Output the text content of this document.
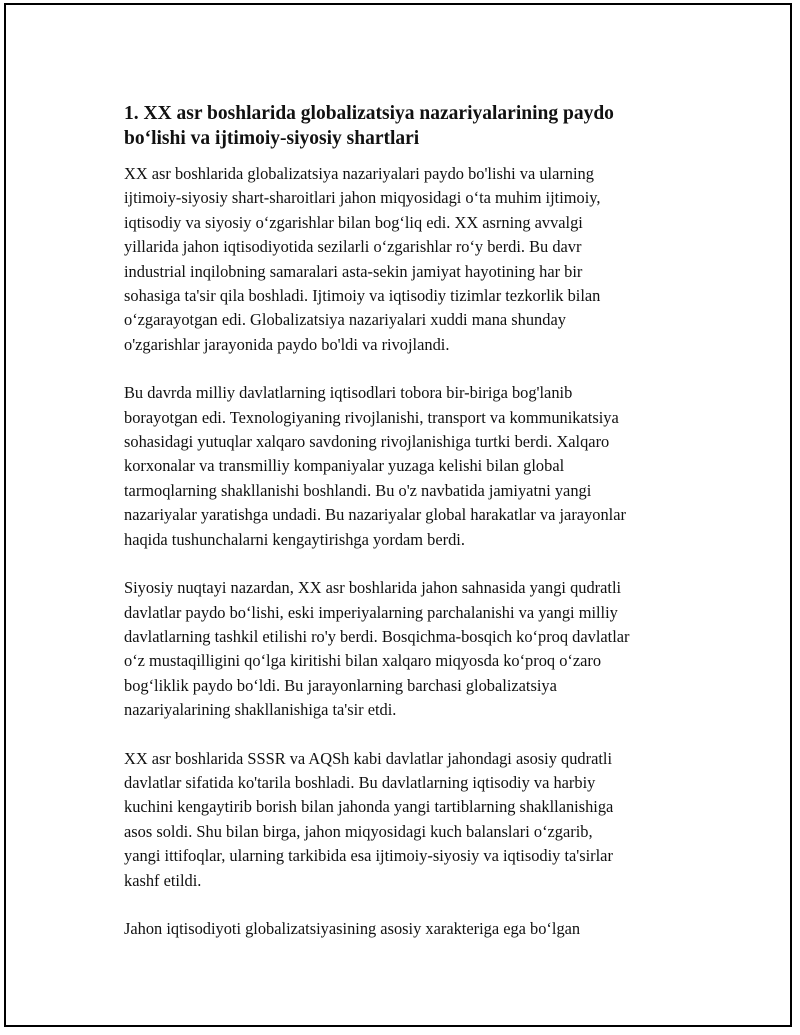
1. XX asr boshlarida globalizatsiya nazariyalarining paydo
boʻlishi va ijtimoiy-siyosiy shartlari

XX asr boshlarida globalizatsiya nazariyalari paydo bo'lishi va ularning
ijtimoiy-siyosiy shart-sharoitlari jahon miqyosidagi oʻta muhim ijtimoiy,
iqtisodiy va siyosiy oʻzgarishlar bilan bogʻliq edi. XX asrning avvalgi
yillarida jahon iqtisodiyotida sezilarli oʻzgarishlar roʻy berdi. Bu davr
industrial inqilobning samaralari asta-sekin jamiyat hayotining har bir
sohasiga ta'sir qila boshladi. Ijtimoiy va iqtisodiy tizimlar tezkorlik bilan
oʻzgarayotgan edi. Globalizatsiya nazariyalari xuddi mana shunday
o'zgarishlar jarayonida paydo bo'ldi va rivojlandi.

Bu davrda milliy davlatlarning iqtisodlari tobora bir-biriga bog'lanib
borayotgan edi. Texnologiyaning rivojlanishi, transport va kommunikatsiya
sohasidagi yutuqlar xalqaro savdoning rivojlanishiga turtki berdi. Xalqaro
korxonalar va transmilliy kompaniyalar yuzaga kelishi bilan global
tarmoqlarning shakllanishi boshlandi. Bu o'z navbatida jamiyatni yangi
nazariyalar yaratishga undadi. Bu nazariyalar global harakatlar va jarayonlar
haqida tushunchalarni kengaytirishga yordam berdi.

Siyosiy nuqtayi nazardan, XX asr boshlarida jahon sahnasida yangi qudratli
davlatlar paydo boʻlishi, eski imperiyalarning parchalanishi va yangi milliy
davlatlarning tashkil etilishi ro'y berdi. Bosqichma-bosqich koʻproq davlatlar
oʻz mustaqilligini qoʻlga kiritishi bilan xalqaro miqyosda koʻproq oʻzaro
bogʻliklik paydo boʻldi. Bu jarayonlarning barchasi globalizatsiya
nazariyalarining shakllanishiga ta'sir etdi.

XX asr boshlarida SSSR va AQSh kabi davlatlar jahondagi asosiy qudratli
davlatlar sifatida ko'tarila boshladi. Bu davlatlarning iqtisodiy va harbiy
kuchini kengaytirib borish bilan jahonda yangi tartiblarning shakllanishiga
asos soldi. Shu bilan birga, jahon miqyosidagi kuch balanslari oʻzgarib,
yangi ittifoqlar, ularning tarkibida esa ijtimoiy-siyosiy va iqtisodiy ta'sirlar
kashf etildi.

Jahon iqtisodiyoti globalizatsiyasining asosiy xarakteriga ega boʻlgan
